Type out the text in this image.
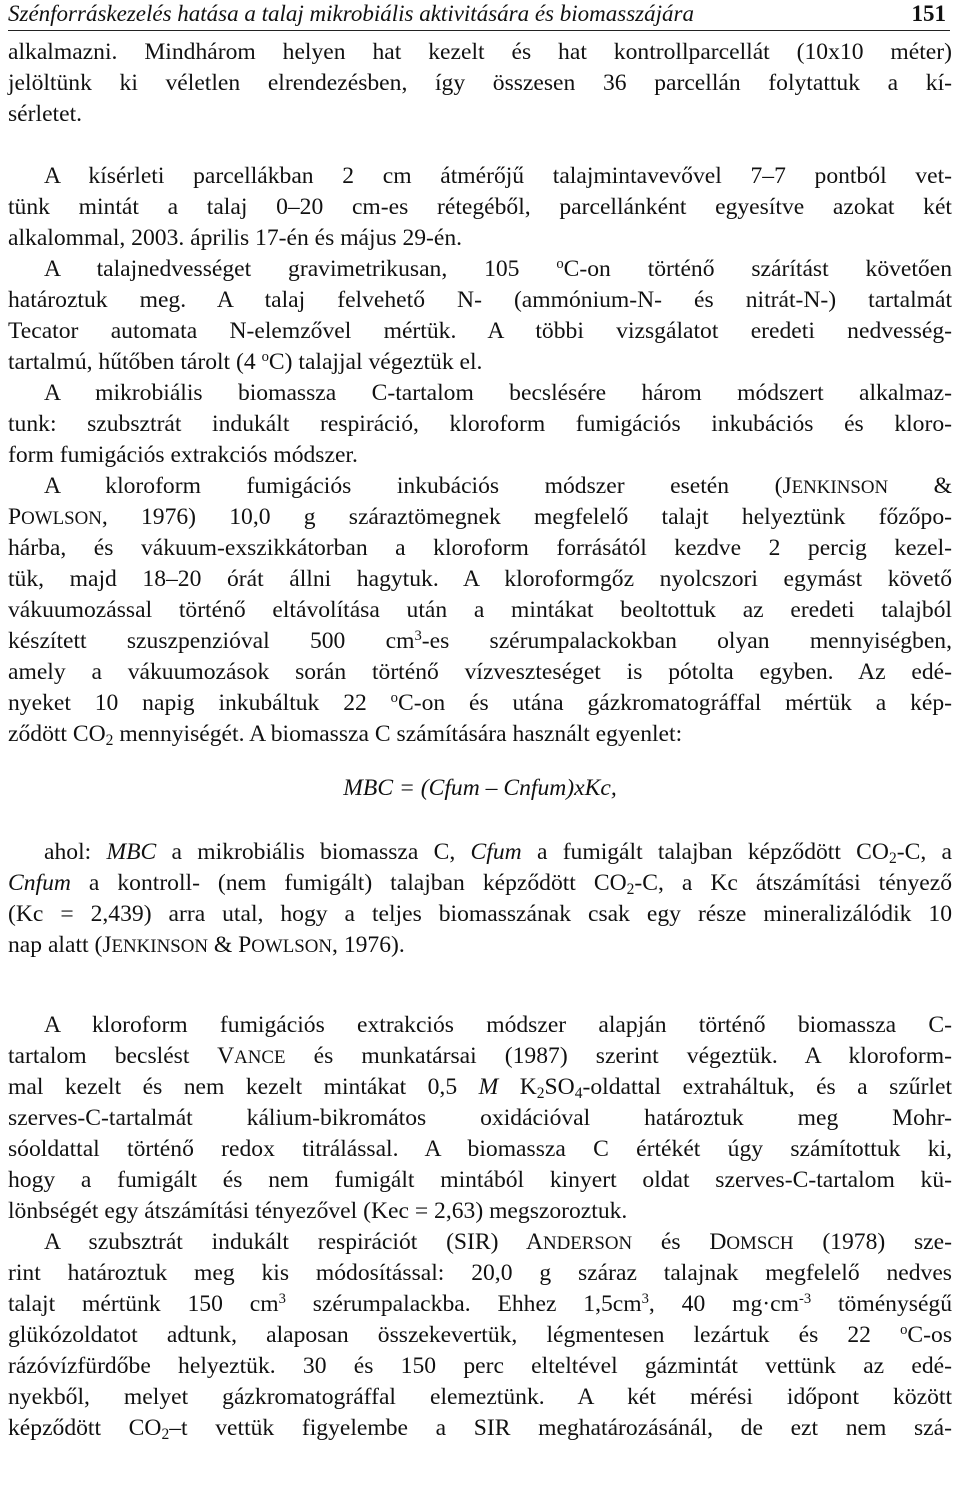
Szénforráskezelés hatása a talaj mikrobiális aktivitására és biomasszájára	151
alkalmazni. Mindhárom helyen hat kezelt és hat kontrollparcellát (10x10 méter)
jelöltünk ki véletlen elrendezésben, így összesen 36 parcellán folytattuk a kí-
sérletet.
A kísérleti parcellákban 2 cm átmérőjű talajmintavevővel 7–7 pontból vet-
tünk mintát a talaj 0–20 cm-es rétegéből, parcellánként egyesítve azokat két
alkalommal, 2003. április 17-én és május 29-én.
A talajnedvességet gravimetrikusan, 105 $^o$C-on történő szárítást követően
határoztuk meg. A talaj felvehető N- (ammónium-N- és nitrát-N-) tartalmát
Tecator automata N-elemzővel mértük. A többi vizsgálatot eredeti nedvesség-
tartalmú, hűtőben tárolt (4 $^o$C) talajjal végeztük el.
A mikrobiális biomassza C-tartalom becslésére három módszert alkalmaz-
tunk: szubsztrát indukált respiráció, kloroform fumigációs inkubációs és kloro-
form fumigációs extrakciós módszer.
A kloroform fumigációs inkubációs módszer esetén (JENKINSON &
POWLSON, 1976) 10,0 g száraztömegnek megfelelő talajt helyeztünk főzőpo-
hárba, és vákuum-exszikkátorban a kloroform forrásától kezdve 2 percig kezel-
tük, majd 18–20 órát állni hagytuk. A kloroformgőz nyolcszori egymást követő
vákuumozással történő eltávolítása után a mintákat beoltottuk az eredeti talajból
készített szuszpenzióval 500 $cm^3-es$ szérumpalackokban olyan mennyiségben,
amely a vákuumozások során történő vízveszteséget is pótolta egyben. Az edé-
nyeket 10 napig inkubáltuk 22 $^o$C-on és utána gázkromatográffal mértük a kép-
ződött $CO_2$ mennyiségét. A biomassza C számítására használt egyenlet:
MBC = (Cfum – Cnfum)xKc,
ahol: MBC a mikrobiális biomassza C, Cfum a fumigált talajban képződött $CO_2-C$, a
Cnfum a kontroll- (nem fumigált) talajban képződött $CO_2-C$, a Kc átszámítási tényező
(Kc = 2,439) arra utal, hogy a teljes biomasszának csak egy része mineralizálódik 10
nap alatt (JENKINSON & POWLSON, 1976).
A kloroform fumigációs extrakciós módszer alapján történő biomassza C-
tartalom becslést VANCE és munkatársai (1987) szerint végeztük. A kloroform-
mal kezelt és nem kezelt mintákat 0,5 M $K_2SO_4$-oldattal extraháltuk, és a szűrlet
szerves-C-tartalmát kálium-bikromátos oxidációval határoztuk meg Mohr-
sóoldattal történő redox titrálással. A biomassza C értékét úgy számítottuk ki,
hogy a fumigált és nem fumigált mintából kinyert oldat szerves-C-tartalom kü-
lönbségét egy átszámítási tényezővel (Kec = 2,63) megszoroztuk.
A szubsztrát indukált respirációt (SIR) ANDERSON és DOMSCH (1978) sze-
rint határoztuk meg kis módosítással: 20,0 g száraz talajnak megfelelő nedves
talajt mértünk 150 $cm^3$ szérumpalackba. Ehhez $1,5cm^3$, 40 $mg\cdot cm^{-3}$ töménységű
glükózoldatot adtunk, alaposan összekevertük, légmentesen lezártuk és 22 $^o$C-os
rázóvízfürdőbe helyeztük. 30 és 150 perc elteltével gázmintát vettünk az edé-
nyekből, melyet gázkromatográffal elemeztünk. A két mérési időpont között
képződött $CO_2-t$ vettük figyelembe a SIR meghatározásánál, de ezt nem szá-
